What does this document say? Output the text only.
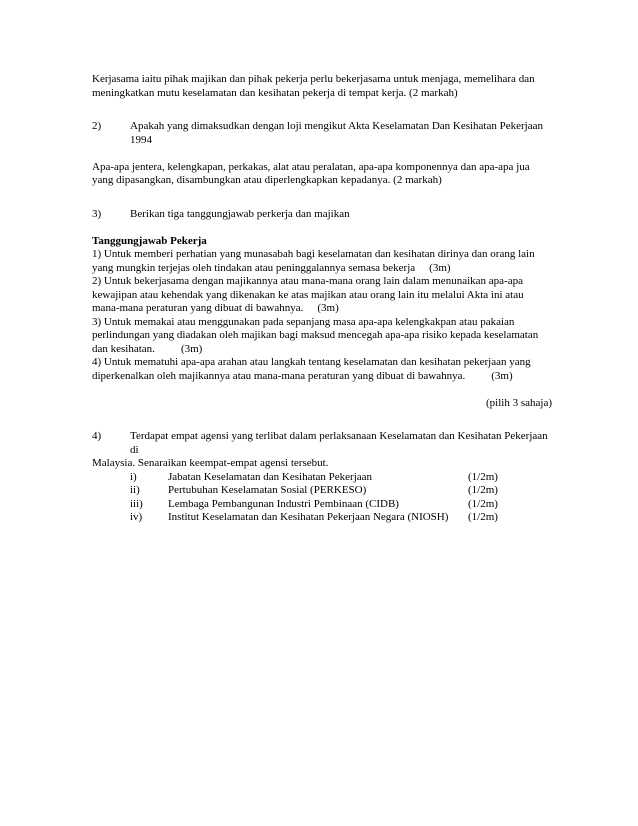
Kerjasama iaitu pihak majikan dan pihak pekerja perlu bekerjasama untuk menjaga, memelihara dan meningkatkan mutu keselamatan dan kesihatan pekerja di tempat kerja. (2 markah)

2)	Apakah yang dimaksudkan dengan loji mengikut Akta Keselamatan Dan Kesihatan Pekerjaan 1994

Apa-apa jentera, kelengkapan, perkakas, alat atau peralatan, apa-apa komponennya dan apa-apa jua yang dipasangkan, disambungkan atau diperlengkapkan kepadanya. (2 markah)

3)	Berikan tiga tanggungjawab perkerja dan majikan

Tanggungjawab Pekerja

1) Untuk memberi perhatian yang munasabah bagi keselamatan dan kesihatan dirinya dan orang lain yang mungkin terjejas oleh tindakan atau peninggalannya semasa bekerja (3m)

2) Untuk bekerjasama dengan majikannya atau mana-mana orang lain dalam menunaikan apa-apa kewajipan atau kehendak yang dikenakan ke atas majikan atau orang lain itu melalui Akta ini atau mana-mana peraturan yang dibuat di bawahnya. (3m)

3) Untuk memakai atau menggunakan pada sepanjang masa apa-apa kelengkakpan atau pakaian perlindungan yang diadakan oleh majikan bagi maksud mencegah apa-apa risiko kepada keselamatan dan kesihatan. (3m)

4) Untuk mematuhi apa-apa arahan atau langkah tentang keselamatan dan kesihatan pekerjaan yang diperkenalkan oleh majikannya atau mana-mana peraturan yang dibuat di bawahnya. (3m)

(pilih 3 sahaja)

4)	Terdapat empat agensi yang terlibat dalam perlaksanaan Keselamatan dan Kesihatan Pekerjaan di

Malaysia. Senaraikan keempat-empat agensi tersebut.

i)	Jabatan Keselamatan dan Kesihatan Pekerjaan	(1/2m)
ii)	Pertubuhan Keselamatan Sosial (PERKESO)	(1/2m)
iii)	Lembaga Pembangunan Industri Pembinaan (CIDB)	(1/2m)
iv)	Institut Keselamatan dan Kesihatan Pekerjaan Negara (NIOSH)	(1/2m)
